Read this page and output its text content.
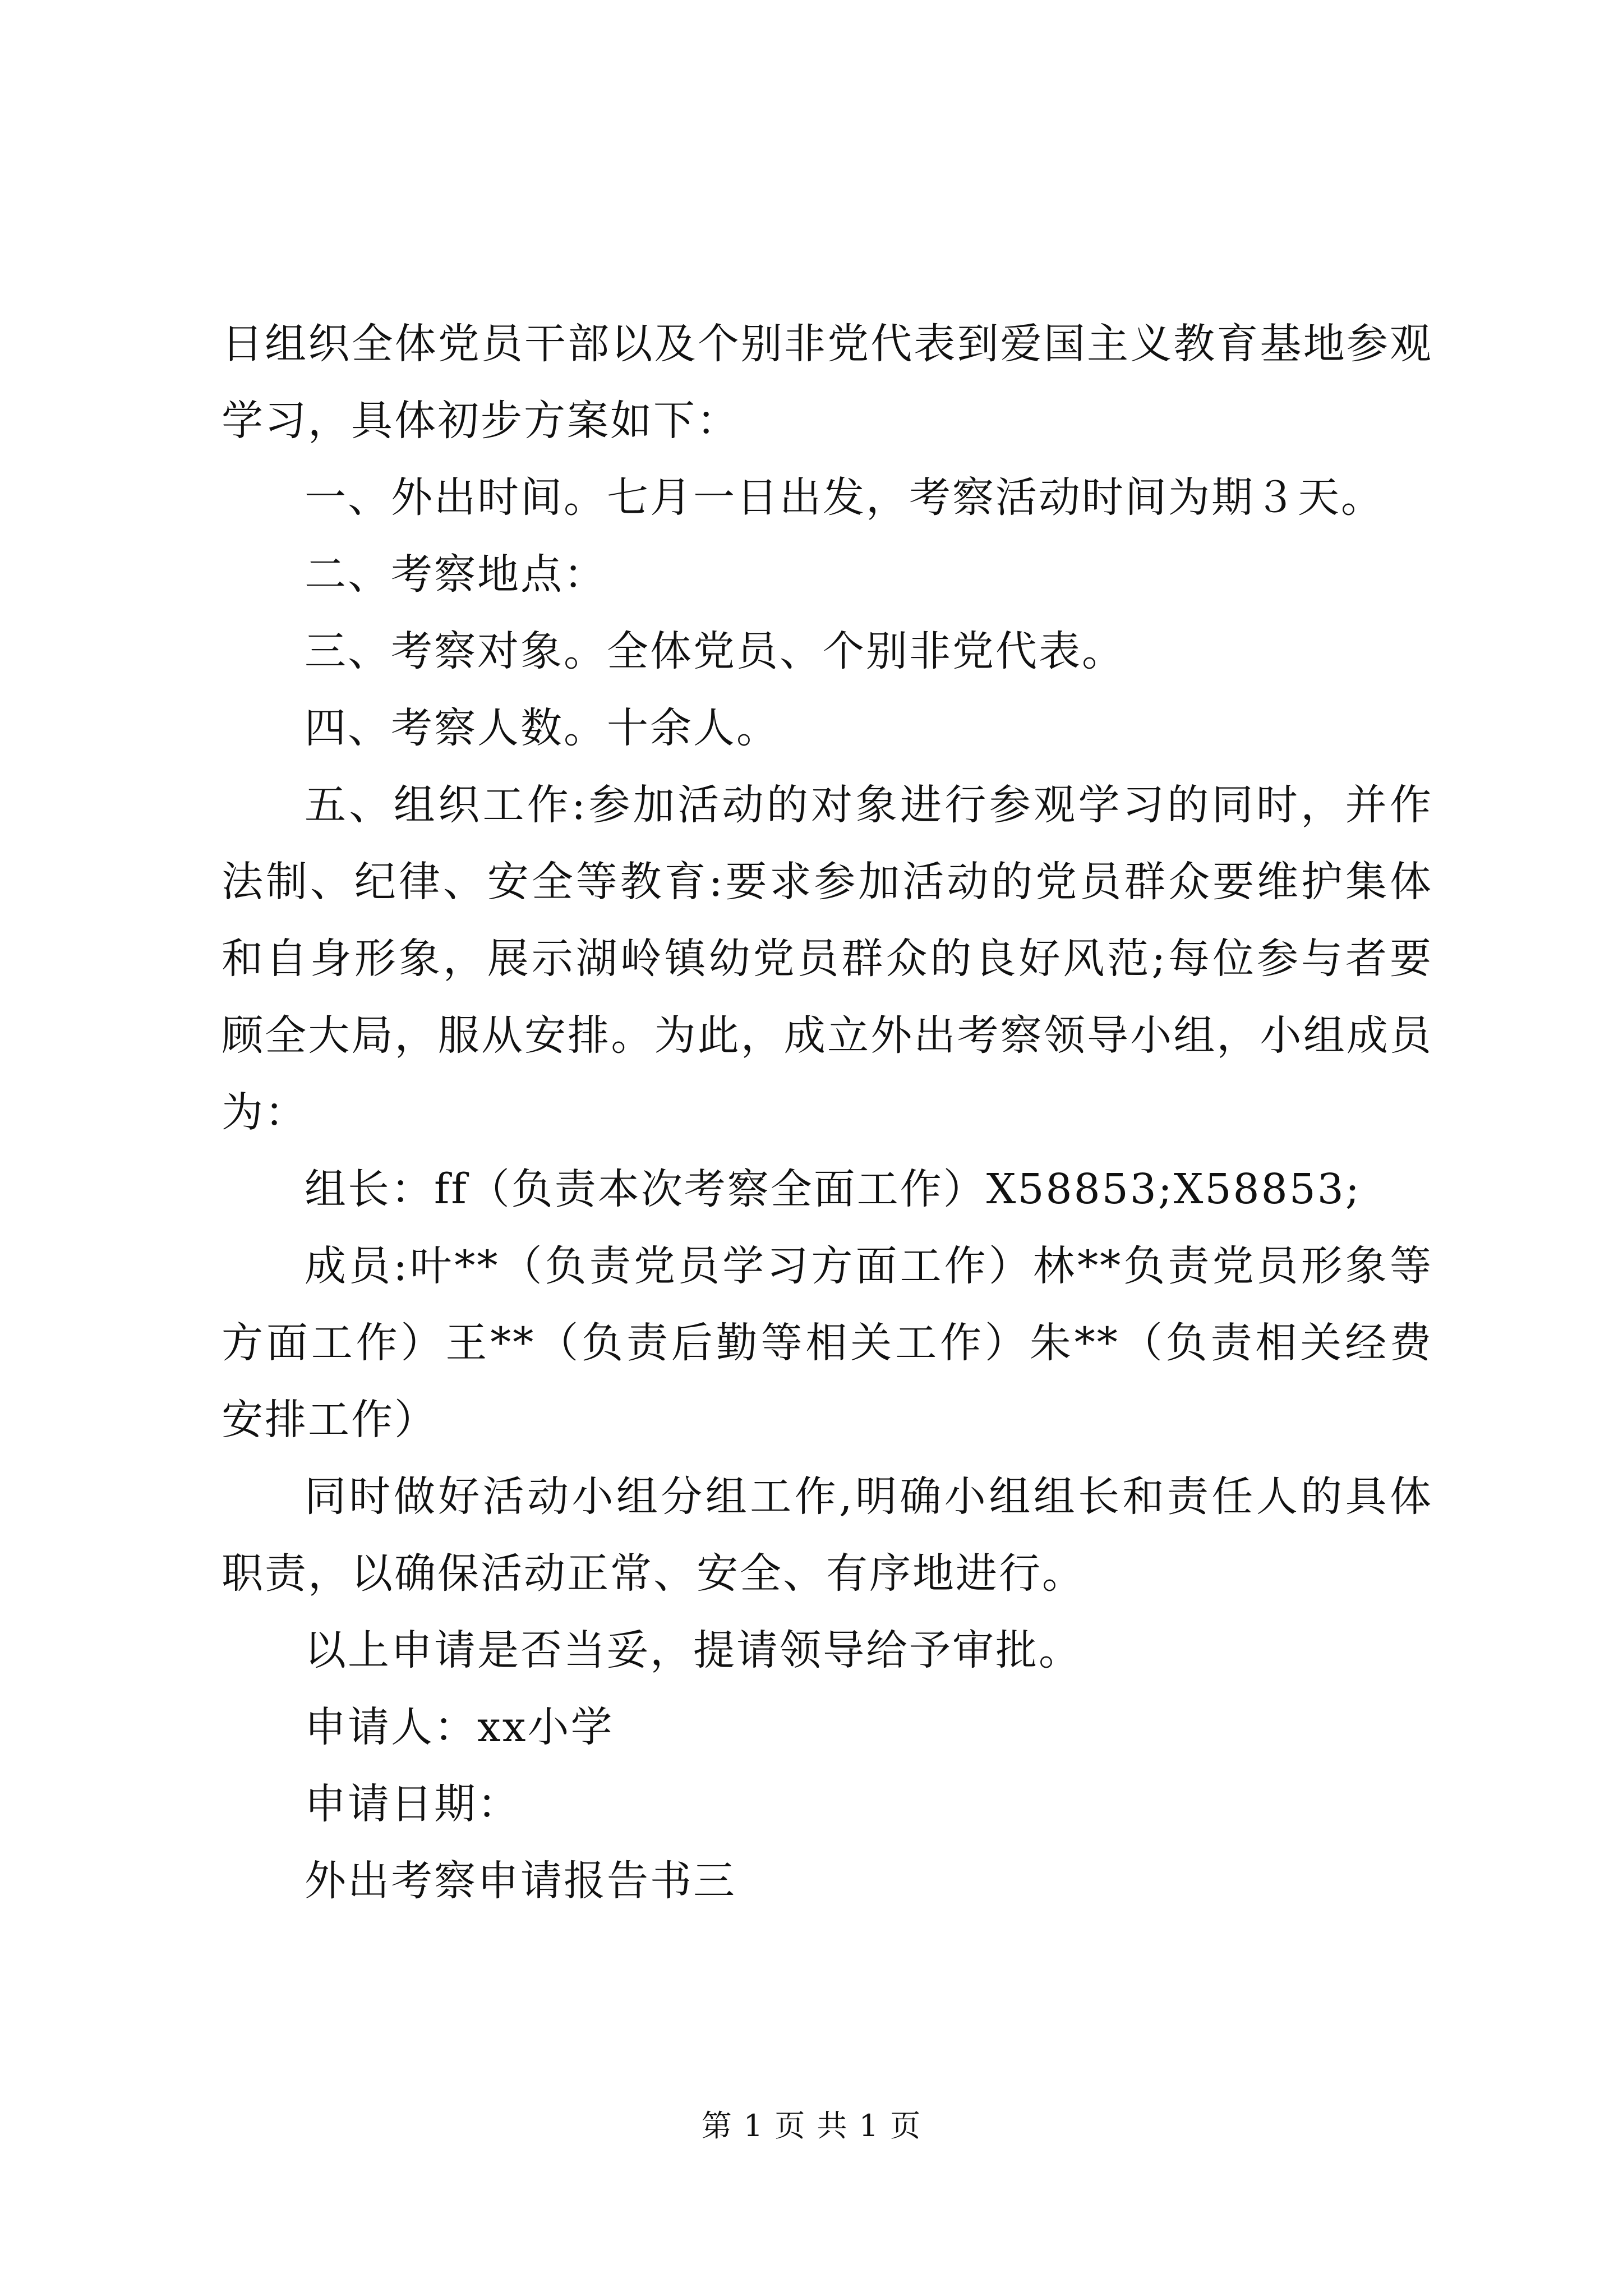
日组织全体党员干部以及个别非党代表到爱国主义教育基地参观学习，具体初步方案如下：

一、外出时间。七月一日出发，考察活动时间为期３天。

二、考察地点：

三、考察对象。全体党员、个别非党代表。

四、考察人数。十余人。

五、组织工作:参加活动的对象进行参观学习的同时，并作法制、纪律、安全等教育:要求参加活动的党员群众要维护集体和自身形象，展示湖岭镇幼党员群众的良好风范;每位参与者要顾全大局，服从安排。为此，成立外出考察领导小组，小组成员为：

组长：ff（负责本次考察全面工作）X58853;X58853;

成员:叶**（负责党员学习方面工作）林**负责党员形象等方面工作）王**（负责后勤等相关工作）朱**（负责相关经费安排工作）

同时做好活动小组分组工作,明确小组组长和责任人的具体职责，以确保活动正常、安全、有序地进行。

以上申请是否当妥，提请领导给予审批。

申请人：xx小学

申请日期：

外出考察申请报告书三

第 1 页 共 1 页
